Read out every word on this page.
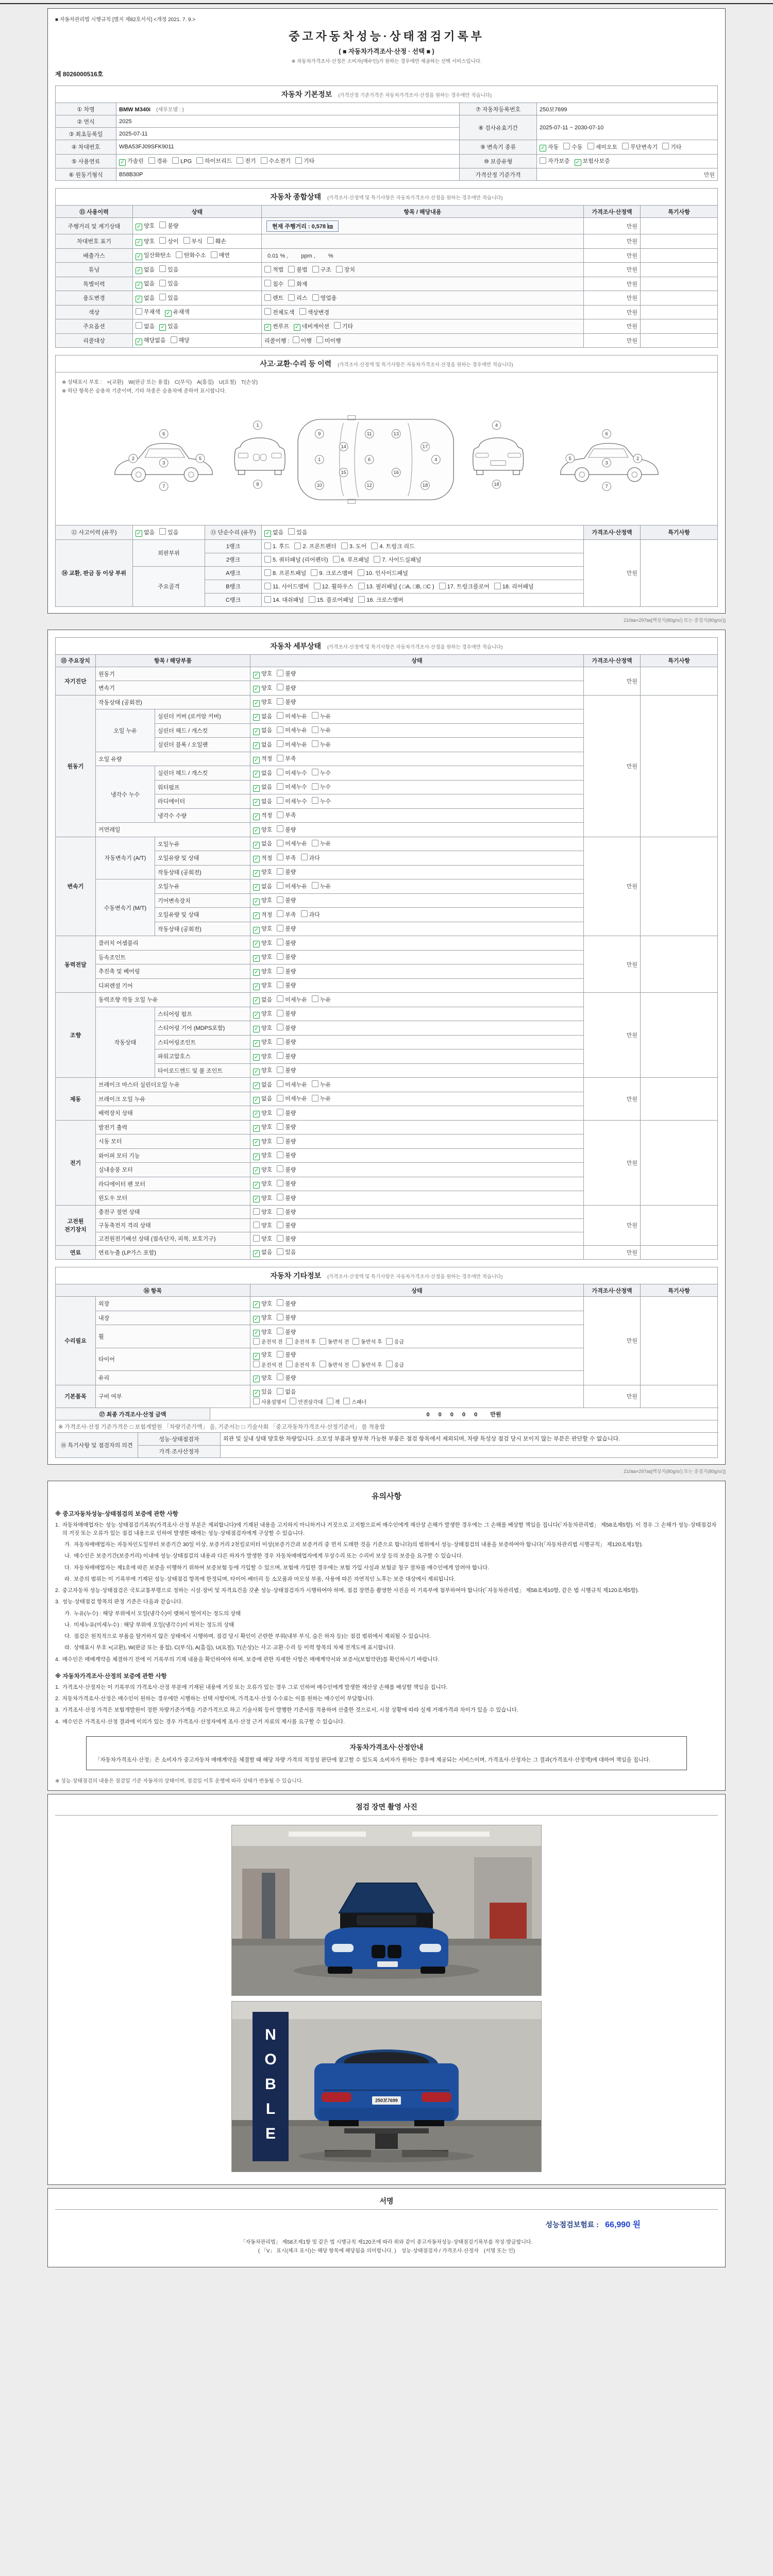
■ 자동차관리법 시행규칙 [별지 제82호서식] <개정 2021. 7. 9.>
중고자동차성능·상태점검기록부
( ■ 자동차가격조사·산정 · 선택 ■ )
※ 자동차가격조사·산정은 소비자(매수인)가 원하는 경우에만 제공하는 선택 서비스입니다.
제 8026000516호
자동차 기본정보 (가격산정 기준가격은 자동차가격조사·산정을 원하는 경우에만 적습니다)
① 차명	BMW M340i　 (세부모델 : )	⑦ 자동차등록번호	250보7699
② 연식	2025	⑧ 검사유효기간	2025-07-11 ~ 2030-07-10
③ 최초등록일	2025-07-11		
④ 차대번호	WBA53FJ09SFK9011	⑨ 변속기 종류	✓ 자동 수동 세미오토 무단변속기 기타

⑤ 사용연료	✓ 가솔린 경유 LPG 하이브리드 전기 수소전기 기타	⑩ 보증유형	자가보증 ✓ 보험사보증

⑥ 원동기형식	B58B30P	가격산정 기준가격	만원
자동차 종합상태 (가격조사·산정액 및 특기사항은 자동차가격조사·산정을 원하는 경우에만 적습니다)
⑪ 사용이력	상태	항목 / 해당내용	가격조사·산정액	특기사항
주행거리 및 계기상태	✓ 양호 불량	현재 주행거리 : 0,578 ㎞	만원	
차대번호 표기	✓ 양호 상이 부식 훼손		만원	
배출가스	✓ 일산화탄소 탄화수소 매연	0.01 % ,　　 ppm ,　　 %	만원	
튜닝	✓ 없음 있음	적법 불법 구조 장치	만원	
특별이력	✓ 없음 있음	침수 화재	만원	
용도변경	✓ 없음 있음	렌트 리스 영업용	만원	
색상	무채색 ✓ 유채색	전체도색 색상변경	만원	
주요옵션	없음 ✓ 있음	✓ 썬루프 ✓ 네비게이션 기타	만원	
리콜대상	✓ 해당없음 해당	리콜이행 : 이행 미이행	만원	
사고·교환·수리 등 이력 (가격조사·산정액 및 특기사항은 자동차가격조사·산정을 원하는 경우에만 적습니다)
※ 상태표시 부호 :　×(교환)　W(판금 또는 용접)　C(부식)　A(흠집)　U(요철)　T(손상)
※ 하단 항목은 승용차 기준이며, 기타 차종은 승용차에 준하여 표시합니다.
2
3
5
6
7
1
8
1
9
10
14
15
6
11
12
13
16
17
4
18
4
18
5
3
2
6
7
⑫ 사고이력 (유무)	✓ 없음 있음	⑬ 단순수리 (유무)	✓ 없음 있음	가격조사·산정액	특기사항
⑭ 교환, 판금 등 이상 부위	외판부위	1랭크	1. 후드 2. 프론트펜더 3. 도어 4. 트렁크 리드	만원	
		2랭크	5. 쿼터패널 (리어펜더) 6. 루프패널 7. 사이드실패널		

	주요골격	A랭크	8. 프론트패널 9. 크로스멤버 10. 인사이드패널		

		B랭크	11. 사이드멤버 12. 휠하우스 13. 필러패널 ( □A, □B, □C ) 17. 트렁크플로어 18. 리어패널		

		C랭크	14. 대쉬패널 15. 플로어패널 16. 크로스멤버		
210㎜×297㎜[백상지(80g/㎡) 또는 중질지(80g/㎡)]
자동차 세부상태 (가격조사·산정액 및 특기사항은 자동차가격조사·산정을 원하는 경우에만 적습니다)
⑮ 주요장치	항목 / 해당부품		상태	가격조사·산정액	특기사항
자기진단	원동기		✓ 양호 불량	만원	
	변속기		✓ 양호 불량		

원동기	작동상태 (공회전)		✓ 양호 불량	만원	
	오일 누유	실린더 커버 (로커암 커버)	✓ 없음 미세누유 누유		

		실린더 헤드 / 개스킷	✓ 없음 미세누유 누유		

		실린더 블록 / 오일팬	✓ 없음 미세누유 누유		

	오일 유량		✓ 적정 부족		

	냉각수 누수	실린더 헤드 / 개스킷	✓ 없음 미세누수 누수		

		워터펌프	✓ 없음 미세누수 누수		

		라디에이터	✓ 없음 미세누수 누수		

		냉각수 수량	✓ 적정 부족		

	커먼레일		✓ 양호 불량		

변속기	자동변속기 (A/T)	오일누유	✓ 없음 미세누유 누유	만원	
		오일유량 및 상태	✓ 적정 부족 과다		

		작동상태 (공회전)	✓ 양호 불량		

	수동변속기 (M/T)	오일누유	✓ 없음 미세누유 누유		

		기어변속장치	✓ 양호 불량		

		오일유량 및 상태	✓ 적정 부족 과다		

		작동상태 (공회전)	✓ 양호 불량		

동력전달	클러치 어셈블리		✓ 양호 불량	만원	
	등속조인트		✓ 양호 불량		

	추진축 및 베어링		✓ 양호 불량		

	디퍼렌셜 기어		✓ 양호 불량		

조향	동력조향 작동 오일 누유		✓ 없음 미세누유 누유	만원	
	작동상태	스티어링 펌프	✓ 양호 불량		

		스티어링 기어 (MDPS포함)	✓ 양호 불량		

		스티어링조인트	✓ 양호 불량		

		파워고압호스	✓ 양호 불량		

		타이로드엔드 및 볼 조인트	✓ 양호 불량		

제동	브레이크 마스터 실린더오일 누유		✓ 없음 미세누유 누유	만원	
	브레이크 오일 누유		✓ 없음 미세누유 누유		

	배력장치 상태		✓ 양호 불량		

전기	발전기 출력		✓ 양호 불량	만원	
	시동 모터		✓ 양호 불량		

	와이퍼 모터 기능		✓ 양호 불량		

	실내송풍 모터		✓ 양호 불량		

	라디에이터 팬 모터		✓ 양호 불량		

	윈도우 모터		✓ 양호 불량		

고전원 전기장치	충전구 절연 상태		양호 불량	만원	
	구동축전지 격리 상태		양호 불량		

	고전원전기배선 상태 (접속단자, 피복, 보호기구)		양호 불량		

연료	연료누출 (LP가스 포함)		✓ 없음 있음	만원	
자동차 기타정보 (가격조사·산정액 및 특기사항은 자동차가격조사·산정을 원하는 경우에만 적습니다)
⑯ 항목		상태	가격조사·산정액	특기사항
수리필요	외장	✓ 양호 불량	만원	
	내장	✓ 양호 불량		

	휠	✓ 양호 불량
운전석 전 운전석 후 동반석 전 동반석 후 응급		

	타이어	✓ 양호 불량
운전석 전 운전석 후 동반석 전 동반석 후 응급		

	유리	✓ 양호 불량		

기본품목	구비 여부	✓ 있음 없음
사용설명서 안전삼각대 잭 스패너	만원	
⑰ 최종 가격조사·산정 금액	0 0 0 0 0 만원
※ 가격조사·산정 기준가격은 □ 보험개발원 「차량기준가액」 을, 기준서는 □ 기술사회 「중고자동차가격조사·산정기준서」 를 적용함
⑱ 특기사항 및 점검자의 의견	성능·상태점검자	외관 및 실내 상태 양호한 차량입니다. 소모성 부품과 탈부착 가능한 부품은 점검 항목에서 제외되며, 차량 특성상 점검 당시 보이지 않는 부분은 판단할 수 없습니다.
	가격·조사산정자	
210㎜×297㎜[백상지(80g/㎡) 또는 중질지(80g/㎡)]
유의사항
※ 중고자동차성능·상태점검의 보증에 관한 사항
1. 자동차매매업자는 성능·상태점검기록부(가격조사·산정 부분은 제외합니다)에 기재된 내용을 고지하지 아니하거나 거짓으로 고지함으로써 매수인에게 재산상 손해가 발생한 경우에는 그 손해를 배상할 책임을 집니다(「자동차관리법」 제58조제5항). 이 경우 그 손해가 성능·상태점검자의 거짓 또는 오류가 있는 점검 내용으로 인하여 발생한 때에는 성능·상태점검자에게 구상할 수 있습니다.
가. 자동차매매업자는 자동차인도일부터 보증기간 30일 이상, 보증거리 2천킬로미터 이상(보증기간과 보증거리 중 먼저 도래한 것을 기준으로 합니다)의 범위에서 성능·상태점검의 내용을 보증하여야 합니다(「자동차관리법 시행규칙」 제120조제1항).
나. 매수인은 보증기간(보증거리) 이내에 성능·상태점검의 내용과 다른 하자가 발생한 경우 자동차매매업자에게 무상수리 또는 수리비 보상 등의 보증을 요구할 수 있습니다.
다. 자동차매매업자는 제1호에 따른 보증을 이행하기 위하여 보증보험 등에 가입할 수 있으며, 보험에 가입한 경우에는 보험 가입 사실과 보험금 청구 절차를 매수인에게 알려야 합니다.
라. 보증의 범위는 이 기록부에 기재된 성능·상태점검 항목에 한정되며, 타이어·배터리 등 소모품과 마모성 부품, 사용에 따른 자연적인 노후는 보증 대상에서 제외됩니다.
2. 중고자동차 성능·상태점검은 국토교통부령으로 정하는 시설·장비 및 자격요건을 갖춘 성능·상태점검자가 시행하여야 하며, 점검 장면을 촬영한 사진을 이 기록부에 첨부하여야 합니다(「자동차관리법」 제58조제10항, 같은 법 시행규칙 제120조제5항).
3. 성능·상태점검 항목의 판정 기준은 다음과 같습니다.
가. 누유(누수) : 해당 부위에서 오일(냉각수)이 맺혀서 떨어지는 정도의 상태
나. 미세누유(미세누수) : 해당 부위에 오일(냉각수)이 비치는 정도의 상태
다. 점검은 원칙적으로 부품을 탈거하지 않은 상태에서 시행하며, 점검 당시 확인이 곤란한 부위(내부 부식, 숨은 하자 등)는 점검 범위에서 제외될 수 있습니다.
라. 상태표시 부호 ×(교환), W(판금 또는 용접), C(부식), A(흠집), U(요철), T(손상)는 사고·교환·수리 등 이력 항목의 차체 전개도에 표시합니다.
4. 매수인은 매매계약을 체결하기 전에 이 기록부의 기재 내용을 확인하여야 하며, 보증에 관한 자세한 사항은 매매계약서와 보증서(보험약관)를 확인하시기 바랍니다.
※ 자동차가격조사·산정의 보증에 관한 사항
1. 가격조사·산정자는 이 기록부의 가격조사·산정 부분에 기재된 내용에 거짓 또는 오류가 있는 경우 그로 인하여 매수인에게 발생한 재산상 손해를 배상할 책임을 집니다.
2. 자동차가격조사·산정은 매수인이 원하는 경우에만 시행하는 선택 사항이며, 가격조사·산정 수수료는 이를 원하는 매수인이 부담합니다.
3. 가격조사·산정 가격은 보험개발원이 정한 차량기준가액을 기준가격으로 하고 기술사회 등이 발행한 기준서를 적용하여 산출한 것으로서, 시장 상황에 따라 실제 거래가격과 차이가 있을 수 있습니다.
4. 매수인은 가격조사·산정 결과에 이의가 있는 경우 가격조사·산정자에게 조사·산정 근거 자료의 제시를 요구할 수 있습니다.
자동차가격조사·산정안내

「자동차가격조사·산정」은 소비자가 중고자동차 매매계약을 체결할 때 해당 차량 가격의 적정성 판단에 참고할 수 있도록 소비자가 원하는 경우에 제공되는 서비스이며, 가격조사·산정자는 그 결과(가격조사·산정액)에 대하여 책임을 집니다.

※ 성능·상태점검의 내용은 점검일 기준 자동차의 상태이며, 점검일 이후 운행에 따라 상태가 변동될 수 있습니다.
점검 장면 촬영 사진
N
O
B
L
E
250보7699
서명
성능점검보험료 : 66,990 원
「자동차관리법」 제58조제1항 및 같은 법 시행규칙 제120조에 따라 위와 같이 중고자동차성능·상태점검기록부를 작성·발급합니다.
( 「V」 표시(체크 표시)는 해당 항목에 해당됨을 의미합니다. )　성능·상태점검자 / 가격조사·산정자　(서명 또는 인)
